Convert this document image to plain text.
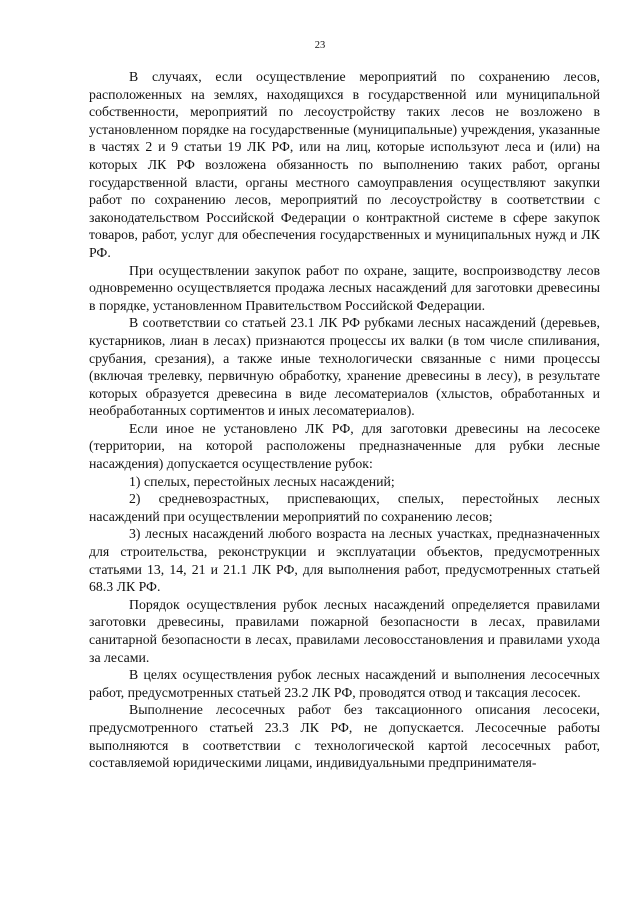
23

В случаях, если осуществление мероприятий по сохранению лесов, расположенных на землях, находящихся в государственной или муниципальной собственности, мероприятий по лесоустройству таких лесов не возложено в установленном порядке на государственные (муниципальные) учреждения, указанные в частях 2 и 9 статьи 19 ЛК РФ, или на лиц, которые используют леса и (или) на которых ЛК РФ возложена обязанность по выполнению таких работ, органы государственной власти, органы местного самоуправления осуществляют закупки работ по сохранению лесов, мероприятий по лесоустройству в соответствии с законодательством Российской Федерации о контрактной системе в сфере закупок товаров, работ, услуг для обеспечения государственных и муниципальных нужд и ЛК РФ.

При осуществлении закупок работ по охране, защите, воспроизводству лесов одновременно осуществляется продажа лесных насаждений для заготовки древесины в порядке, установленном Правительством Российской Федерации.

В соответствии со статьей 23.1 ЛК РФ рубками лесных насаждений (деревьев, кустарников, лиан в лесах) признаются процессы их валки (в том числе спиливания, срубания, срезания), а также иные технологически связанные с ними процессы (включая трелевку, первичную обработку, хранение древесины в лесу), в результате которых образуется древесина в виде лесоматериалов (хлыстов, обработанных и необработанных сортиментов и иных лесоматериалов).

Если иное не установлено ЛК РФ, для заготовки древесины на лесосеке (территории, на которой расположены предназначенные для рубки лесные насаждения) допускается осуществление рубок:

1) спелых, перестойных лесных насаждений;

2) средневозрастных, приспевающих, спелых, перестойных лесных насаждений при осуществлении мероприятий по сохранению лесов;

3) лесных насаждений любого возраста на лесных участках, предназначенных для строительства, реконструкции и эксплуатации объектов, предусмотренных статьями 13, 14, 21 и 21.1 ЛК РФ, для выполнения работ, предусмотренных статьей 68.3 ЛК РФ.

Порядок осуществления рубок лесных насаждений определяется правилами заготовки древесины, правилами пожарной безопасности в лесах, правилами санитарной безопасности в лесах, правилами лесовосстановления и правилами ухода за лесами.

В целях осуществления рубок лесных насаждений и выполнения лесосечных работ, предусмотренных статьей 23.2 ЛК РФ, проводятся отвод и таксация лесосек.

Выполнение лесосечных работ без таксационного описания лесосеки, предусмотренного статьей 23.3 ЛК РФ, не допускается. Лесосечные работы выполняются в соответствии с технологической картой лесосечных работ, составляемой юридическими лицами, индивидуальными предпринимателя-
